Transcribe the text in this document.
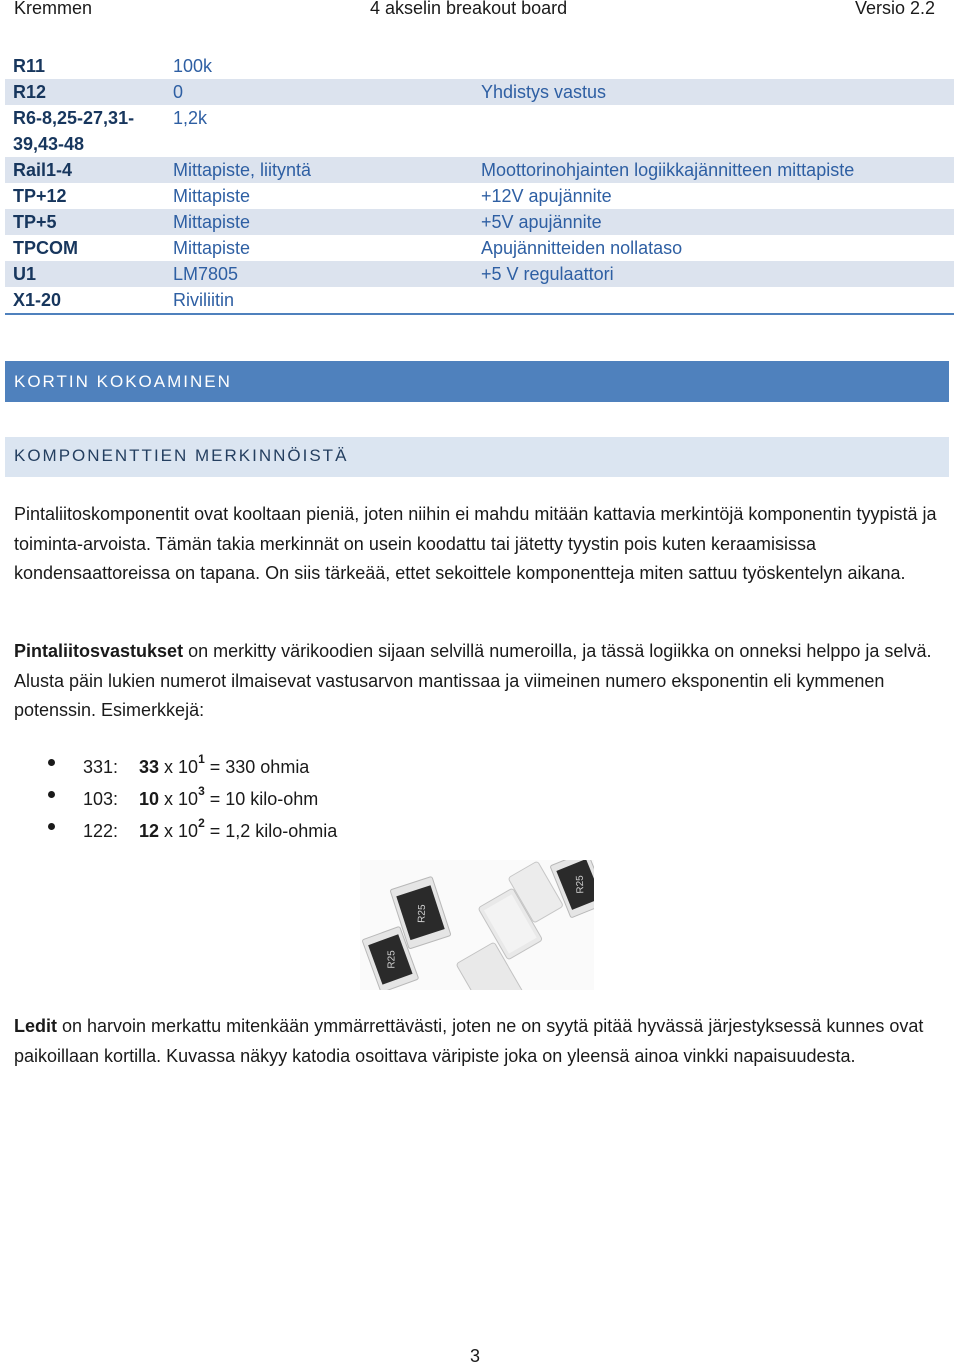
Kremmen	4 akselin breakout board	Versio 2.2
R11	100k	
R12	0	Yhdistys vastus
R6-8,25-27,31-	1,2k	
39,43-48		
Rail1-4	Mittapiste, liityntä	Moottorinohjainten logiikkajännitteen mittapiste
TP+12	Mittapiste	+12V apujännite
TP+5	Mittapiste	+5V apujännite
TPCOM	Mittapiste	Apujännitteiden nollataso
U1	LM7805	+5 V regulaattori
X1-20	Riviliitin	
KORTIN KOKOAMINEN
KOMPONENTTIEN MERKINNÖISTÄ
Pintaliitoskomponentit ovat kooltaan pieniä, joten niihin ei mahdu mitään kattavia merkintöjä komponentin tyypistä ja toiminta-arvoista. Tämän takia merkinnät on usein koodattu tai jätetty tyystin pois kuten keraamisissa kondensaattoreissa on tapana. On siis tärkeää, ettet sekoittele komponentteja miten sattuu työskentelyn aikana.
Pintaliitosvastukset on merkitty värikoodien sijaan selvillä numeroilla, ja tässä logiikka on onneksi helppo ja selvä. Alusta päin lukien numerot ilmaisevat vastusarvon mantissaa ja viimeinen numero eksponentin eli kymmenen potenssin. Esimerkkejä:
331: 33 x $10^1 = 330$ ohmia
103: 10 x $10^3 = 10$ kilo-ohm
122: 12 x $10^2 = 1,2$ kilo-ohmia
R25
R25
R25
Ledit on harvoin merkattu mitenkään ymmärrettävästi, joten ne on syytä pitää hyvässä järjestyksessä kunnes ovat paikoillaan kortilla. Kuvassa näkyy katodia osoittava väripiste joka on yleensä ainoa vinkki napaisuudesta.
3
